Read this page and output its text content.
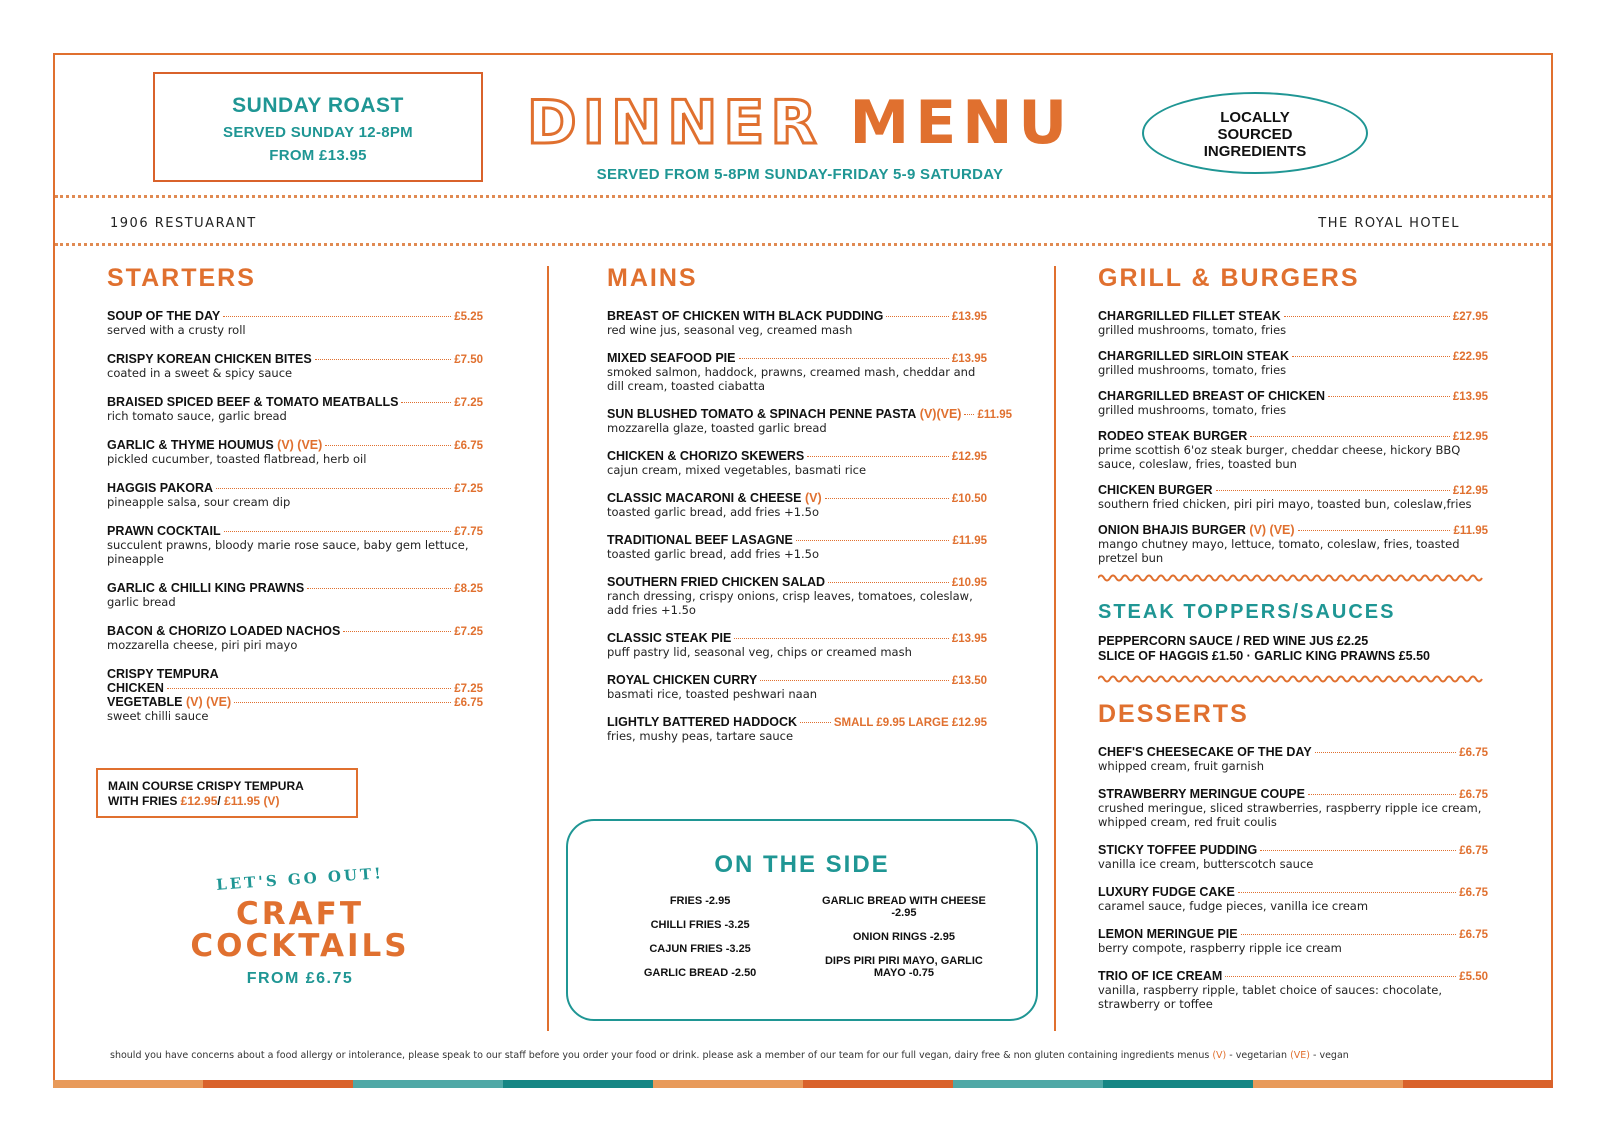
SUNDAY ROAST
SERVED SUNDAY 12-8PM
FROM £13.95	DINNER MENU
SERVED FROM 5-8PM SUNDAY-FRIDAY 5-9 SATURDAY
LOCALLY
SOURCED
INGREDIENTS
1906 RESTUARANT	THE ROYAL HOTEL
STARTERS
SOUP OF THE DAY	£5.25
served with a crusty roll
CRISPY KOREAN CHICKEN BITES	£7.50
coated in a sweet & spicy sauce
BRAISED SPICED BEEF & TOMATO MEATBALLS	£7.25
rich tomato sauce, garlic bread
GARLIC & THYME HOUMUS
(V) (VE)	£6.75
pickled cucumber, toasted flatbread, herb oil
HAGGIS PAKORA	£7.25
pineapple salsa, sour cream dip
PRAWN COCKTAIL	£7.75
succulent prawns, bloody marie rose sauce, baby gem lettuce, pineapple
GARLIC & CHILLI KING PRAWNS	£8.25
garlic bread
BACON & CHORIZO LOADED NACHOS	£7.25
mozzarella cheese, piri piri mayo
CRISPY TEMPURA
CHICKEN	£7.25
VEGETABLE
(V) (VE)	£6.75
sweet chilli sauce
MAIN COURSE CRISPY TEMPURA
WITH FRIES £12.95/ £11.95 (V)
LET'S GO OUT!
CRAFT
COCKTAILS
FROM £6.75
MAINS
BREAST OF CHICKEN WITH BLACK PUDDING	£13.95
red wine jus, seasonal veg, creamed mash
MIXED SEAFOOD PIE	£13.95
smoked salmon, haddock, prawns, creamed mash, cheddar and dill cream, toasted ciabatta
SUN BLUSHED TOMATO & SPINACH PENNE PASTA
(V)(VE) £11.95
mozzarella glaze, toasted garlic bread
CHICKEN & CHORIZO SKEWERS	£12.95
cajun cream, mixed vegetables, basmati rice
CLASSIC MACARONI & CHEESE
(V)	£10.50
toasted garlic bread, add fries +1.5o
TRADITIONAL BEEF LASAGNE	£11.95
toasted garlic bread, add fries +1.5o
SOUTHERN FRIED CHICKEN SALAD	£10.95
ranch dressing, crispy onions, crisp leaves, tomatoes, coleslaw, add fries +1.5o
CLASSIC STEAK PIE	£13.95
puff pastry lid, seasonal veg, chips or creamed mash
ROYAL CHICKEN CURRY	£13.50
basmati rice, toasted peshwari naan
LIGHTLY BATTERED HADDOCK	SMALL £9.95 LARGE £12.95
fries, mushy peas, tartare sauce
ON THE SIDE
FRIES -2.95
CHILLI FRIES -3.25
CAJUN FRIES -3.25
GARLIC BREAD -2.50
GARLIC BREAD WITH CHEESE -2.95
ONION RINGS -2.95
DIPS PIRI PIRI MAYO, GARLIC MAYO -0.75
GRILL & BURGERS
CHARGRILLED FILLET STEAK	£27.95
grilled mushrooms, tomato, fries
CHARGRILLED SIRLOIN STEAK	£22.95
grilled mushrooms, tomato, fries
CHARGRILLED BREAST OF CHICKEN	£13.95
grilled mushrooms, tomato, fries
RODEO STEAK BURGER	£12.95
prime scottish 6'oz steak burger, cheddar cheese, hickory BBQ sauce, coleslaw, fries, toasted bun
CHICKEN BURGER	£12.95
southern fried chicken, piri piri mayo, toasted bun, coleslaw,fries
ONION BHAJIS BURGER
(V) (VE)	£11.95
mango chutney mayo, lettuce, tomato, coleslaw, fries, toasted pretzel bun
STEAK TOPPERS/SAUCES
PEPPERCORN SAUCE / RED WINE JUS £2.25
SLICE OF HAGGIS £1.50 · GARLIC KING PRAWNS £5.50
DESSERTS
CHEF'S CHEESECAKE OF THE DAY	£6.75
whipped cream, fruit garnish
STRAWBERRY MERINGUE COUPE	£6.75
crushed meringue, sliced strawberries, raspberry ripple ice cream, whipped cream, red fruit coulis
STICKY TOFFEE PUDDING	£6.75
vanilla ice cream, butterscotch sauce
LUXURY FUDGE CAKE	£6.75
caramel sauce, fudge pieces, vanilla ice cream
LEMON MERINGUE PIE	£6.75
berry compote, raspberry ripple ice cream
TRIO OF ICE CREAM	£5.50
vanilla, raspberry ripple, tablet choice of sauces: chocolate, strawberry or toffee
should you have concerns about a food allergy or intolerance, please speak to our staff before you order your food or drink. please ask a member of our team for our full vegan, dairy free & non gluten containing ingredients menus (V) - vegetarian (VE) - vegan
